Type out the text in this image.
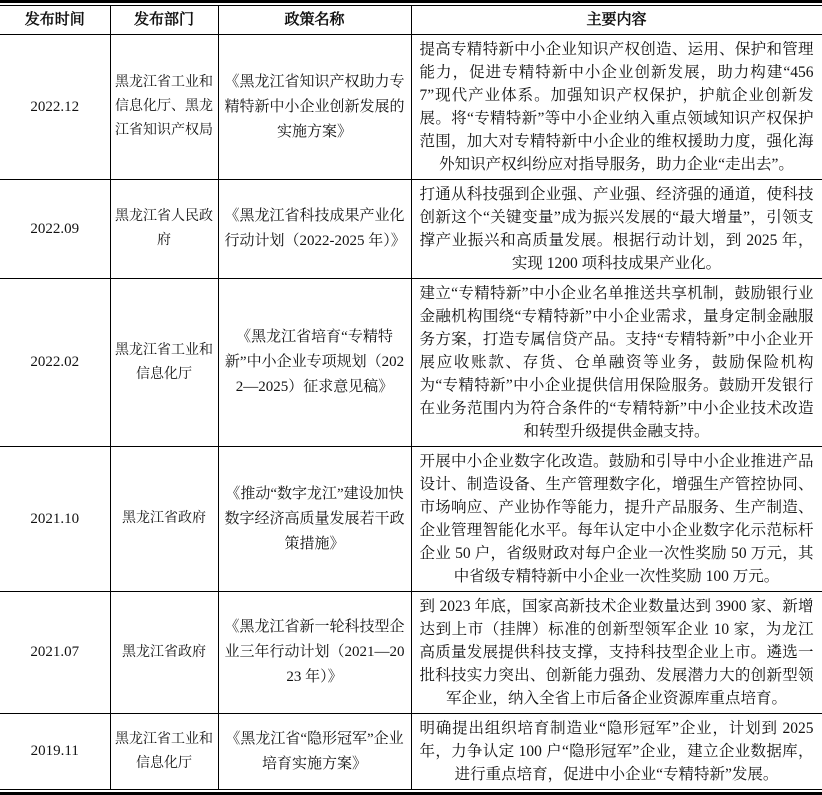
发布时间	发布部门	政策名称	主要内容
2022.12	黑龙江省工业和信息化厅、黑龙江省知识产权局	《黑龙江省知识产权助力专精特新中小企业创新发展的实施方案》	提高专精特新中小企业知识产权创造、运用、保护和管理能力，促进专精特新中小企业创新发展，助力构建“4567”现代产业体系。加强知识产权保护，护航企业创新发展。将“专精特新”等中小企业纳入重点领域知识产权保护范围，加大对专精特新中小企业的维权援助力度，强化海外知识产权纠纷应对指导服务，助力企业“走出去”。
2022.09	黑龙江省人民政府	《黑龙江省科技成果产业化行动计划（2022-2025 年）》	打通从科技强到企业强、产业强、经济强的通道，使科技创新这个“关键变量”成为振兴发展的“最大增量”，引领支撑产业振兴和高质量发展。根据行动计划，到 2025 年，实现 1200 项科技成果产业化。
2022.02	黑龙江省工业和信息化厅	《黑龙江省培育“专精特新”中小企业专项规划（2022—2025）征求意见稿》	建立“专精特新”中小企业名单推送共享机制，鼓励银行业金融机构围绕“专精特新”中小企业需求，量身定制金融服务方案，打造专属信贷产品。支持“专精特新”中小企业开展应收账款、存货、仓单融资等业务，鼓励保险机构为“专精特新”中小企业提供信用保险服务。鼓励开发银行在业务范围内为符合条件的“专精特新”中小企业技术改造和转型升级提供金融支持。
2021.10	黑龙江省政府	《推动“数字龙江”建设加快数字经济高质量发展若干政策措施》	开展中小企业数字化改造。鼓励和引导中小企业推进产品设计、制造设备、生产管理数字化，增强生产管控协同、市场响应、产业协作等能力，提升产品服务、生产制造、企业管理智能化水平。每年认定中小企业数字化示范标杆企业 50 户，省级财政对每户企业一次性奖励 50 万元，其中省级专精特新中小企业一次性奖励 100 万元。
2021.07	黑龙江省政府	《黑龙江省新一轮科技型企业三年行动计划（2021—2023 年）》	到 2023 年底，国家高新技术企业数量达到 3900 家、新增达到上市（挂牌）标准的创新型领军企业 10 家，为龙江高质量发展提供科技支撑，支持科技型企业上市。遴选一批科技实力突出、创新能力强劲、发展潜力大的创新型领军企业，纳入全省上市后备企业资源库重点培育。
2019.11	黑龙江省工业和信息化厅	《黑龙江省“隐形冠军”企业培育实施方案》	明确提出组织培育制造业“隐形冠军”企业，计划到 2025 年，力争认定 100 户“隐形冠军”企业，建立企业数据库，进行重点培育，促进中小企业“专精特新”发展。
